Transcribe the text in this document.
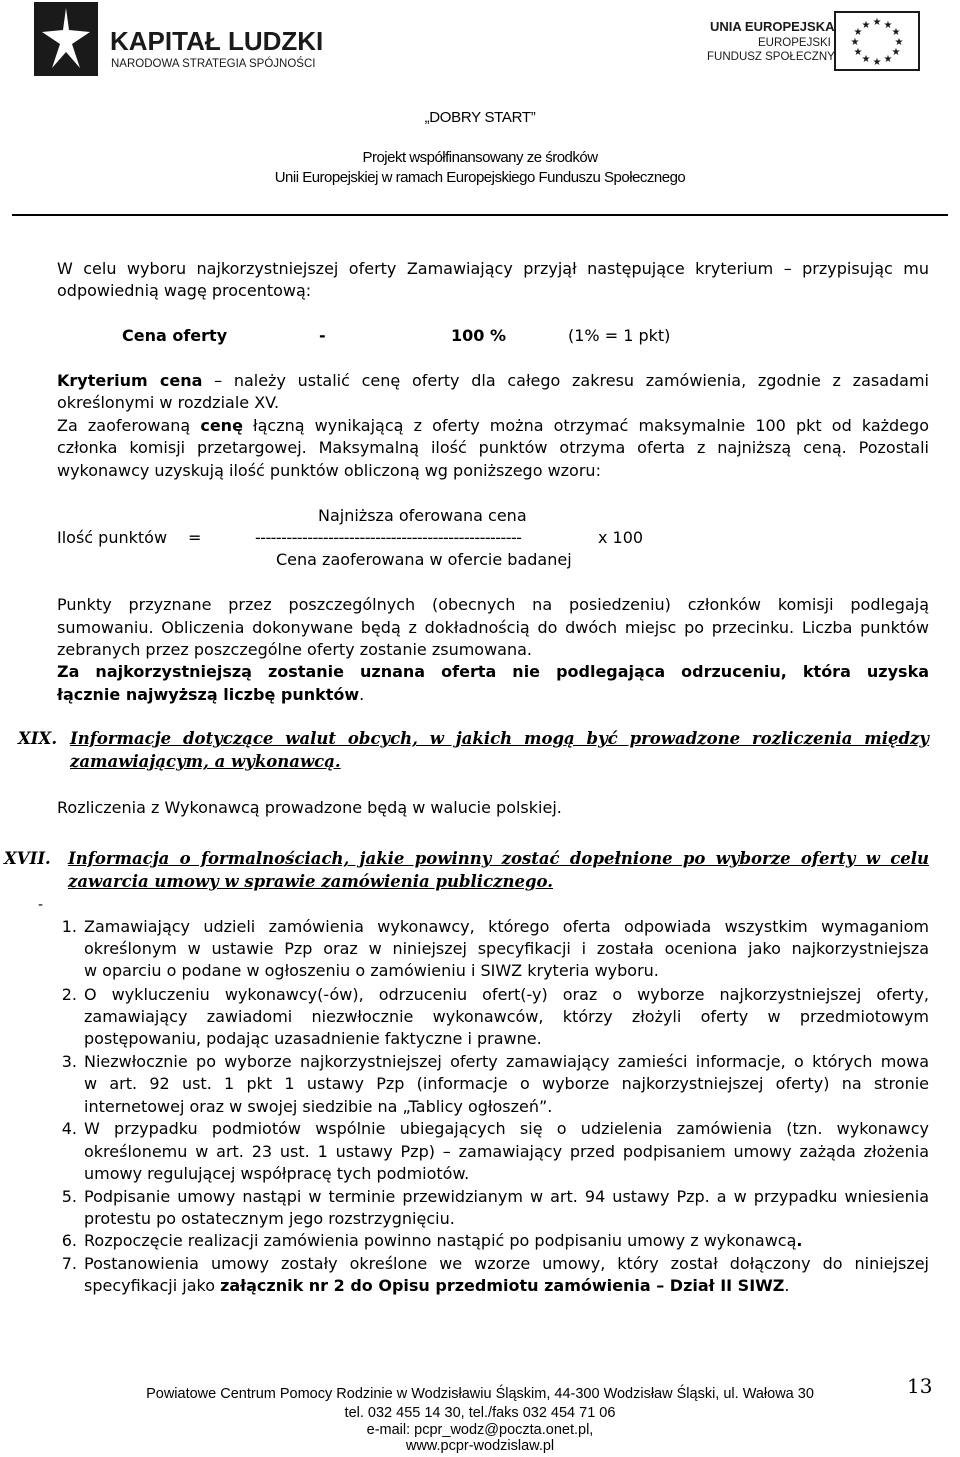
KAPITAŁ LUDZKI
NARODOWA STRATEGIA SPÓJNOŚCI
UNIA EUROPEJSKA
EUROPEJSKI
FUNDUSZ SPOŁECZNY
★ ★
★
★
★
★
★
★
★
★
★
★
„DOBRY START”
Projekt współfinansowany ze środków
Unii Europejskiej w ramach Europejskiego Funduszu Społecznego
W celu wyboru najkorzystniejszej oferty Zamawiający przyjął następujące kryterium – przypisując mu
odpowiednią wagę procentową:
Cena oferty	-	100 %	(1% = 1 pkt)
Kryterium cena – należy ustalić cenę oferty dla całego zakresu zamówienia, zgodnie z zasadami
określonymi w rozdziale XV.
Za zaoferowaną cenę łączną wynikającą z oferty można otrzymać maksymalnie 100 pkt od każdego
członka komisji przetargowej. Maksymalną ilość punktów otrzyma oferta z najniższą ceną. Pozostali
wykonawcy uzyskują ilość punktów obliczoną wg poniższego wzoru:
Najniższa oferowana cena
Ilość punktów =	---------------------------------------------------	x 100
Cena zaoferowana w ofercie badanej
Punkty przyznane przez poszczególnych (obecnych na posiedzeniu) członków komisji podlegają
sumowaniu. Obliczenia dokonywane będą z dokładnością do dwóch miejsc po przecinku. Liczba punktów
zebranych przez poszczególne oferty zostanie zsumowana.
Za najkorzystniejszą zostanie uznana oferta nie podlegająca odrzuceniu, która uzyska
łącznie najwyższą liczbę punktów.
XIX. Informacje dotyczące walut obcych, w jakich mogą być prowadzone rozliczenia między
zamawiającym, a wykonawcą.
Rozliczenia z Wykonawcą prowadzone będą w walucie polskiej.
XVII. Informacja o formalnościach, jakie powinny zostać dopełnione po wyborze oferty w celu
zawarcia umowy w sprawie zamówienia publicznego.
-
1. Zamawiający udzieli zamówienia wykonawcy, którego oferta odpowiada wszystkim wymaganiom
określonym w ustawie Pzp oraz w niniejszej specyfikacji i została oceniona jako najkorzystniejsza
w oparciu o podane w ogłoszeniu o zamówieniu i SIWZ kryteria wyboru.
2. O wykluczeniu wykonawcy(-ów), odrzuceniu ofert(-y) oraz o wyborze najkorzystniejszej oferty,
zamawiający zawiadomi niezwłocznie wykonawców, którzy złożyli oferty w przedmiotowym
postępowaniu, podając uzasadnienie faktyczne i prawne.
3. Niezwłocznie po wyborze najkorzystniejszej oferty zamawiający zamieści informacje, o których mowa
w art. 92 ust. 1 pkt 1 ustawy Pzp (informacje o wyborze najkorzystniejszej oferty) na stronie
internetowej oraz w swojej siedzibie na „Tablicy ogłoszeń”.
4. W przypadku podmiotów wspólnie ubiegających się o udzielenia zamówienia (tzn. wykonawcy
określonemu w art. 23 ust. 1 ustawy Pzp) – zamawiający przed podpisaniem umowy zażąda złożenia
umowy regulującej współpracę tych podmiotów.
5. Podpisanie umowy nastąpi w terminie przewidzianym w art. 94 ustawy Pzp. a w przypadku wniesienia
protestu po ostatecznym jego rozstrzygnięciu.
6. Rozpoczęcie realizacji zamówienia powinno nastąpić po podpisaniu umowy z wykonawcą.
7. Postanowienia umowy zostały określone we wzorze umowy, który został dołączony do niniejszej
specyfikacji jako załącznik nr 2 do Opisu przedmiotu zamówienia – Dział II SIWZ.
Powiatowe Centrum Pomocy Rodzinie w Wodzisławiu Śląskim, 44-300 Wodzisław Śląski, ul. Wałowa 30
tel. 032 455 14 30, tel./faks 032 454 71 06
e-mail: pcpr_wodz@poczta.onet.pl,
www.pcpr-wodzislaw.pl
13
